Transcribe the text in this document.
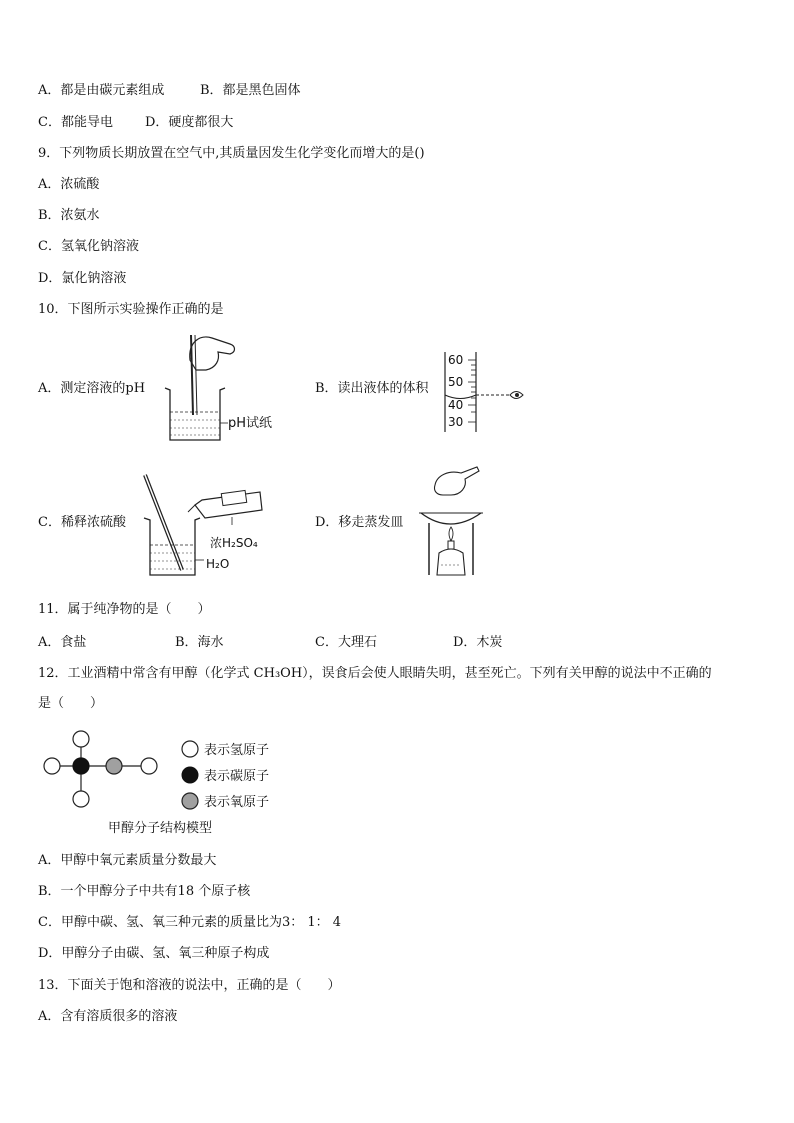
A．都是由碳元素组成	B．都是黑色固体
C．都能导电 D．硬度都很大
9．下列物质长期放置在空气中,其质量因发生化学变化而增大的是()
A．浓硫酸
B．浓氨水
C．氢氧化钠溶液
D．氯化钠溶液
10．下图所示实验操作正确的是
A．测定溶液的pH
pH试纸
B．读出液体的体积
60
50
40
30
C．稀释浓硫酸
浓H₂SO₄
H₂O
D．移走蒸发皿
11．属于纯净物的是（　　）
A．食盐	B．海水	C．大理石	D．木炭
12．工业酒精中常含有甲醇（化学式 CH₃OH），误食后会使人眼睛失明，甚至死亡。下列有关甲醇的说法中不正确的
是（　　）
表示氢原子
表示碳原子
表示氧原子
甲醇分子结构模型
A．甲醇中氧元素质量分数最大
B．一个甲醇分子中共有18 个原子核
C．甲醇中碳、氢、氧三种元素的质量比为3： 1： 4
D．甲醇分子由碳、氢、氧三种原子构成
13．下面关于饱和溶液的说法中，正确的是（　　）
A．含有溶质很多的溶液
